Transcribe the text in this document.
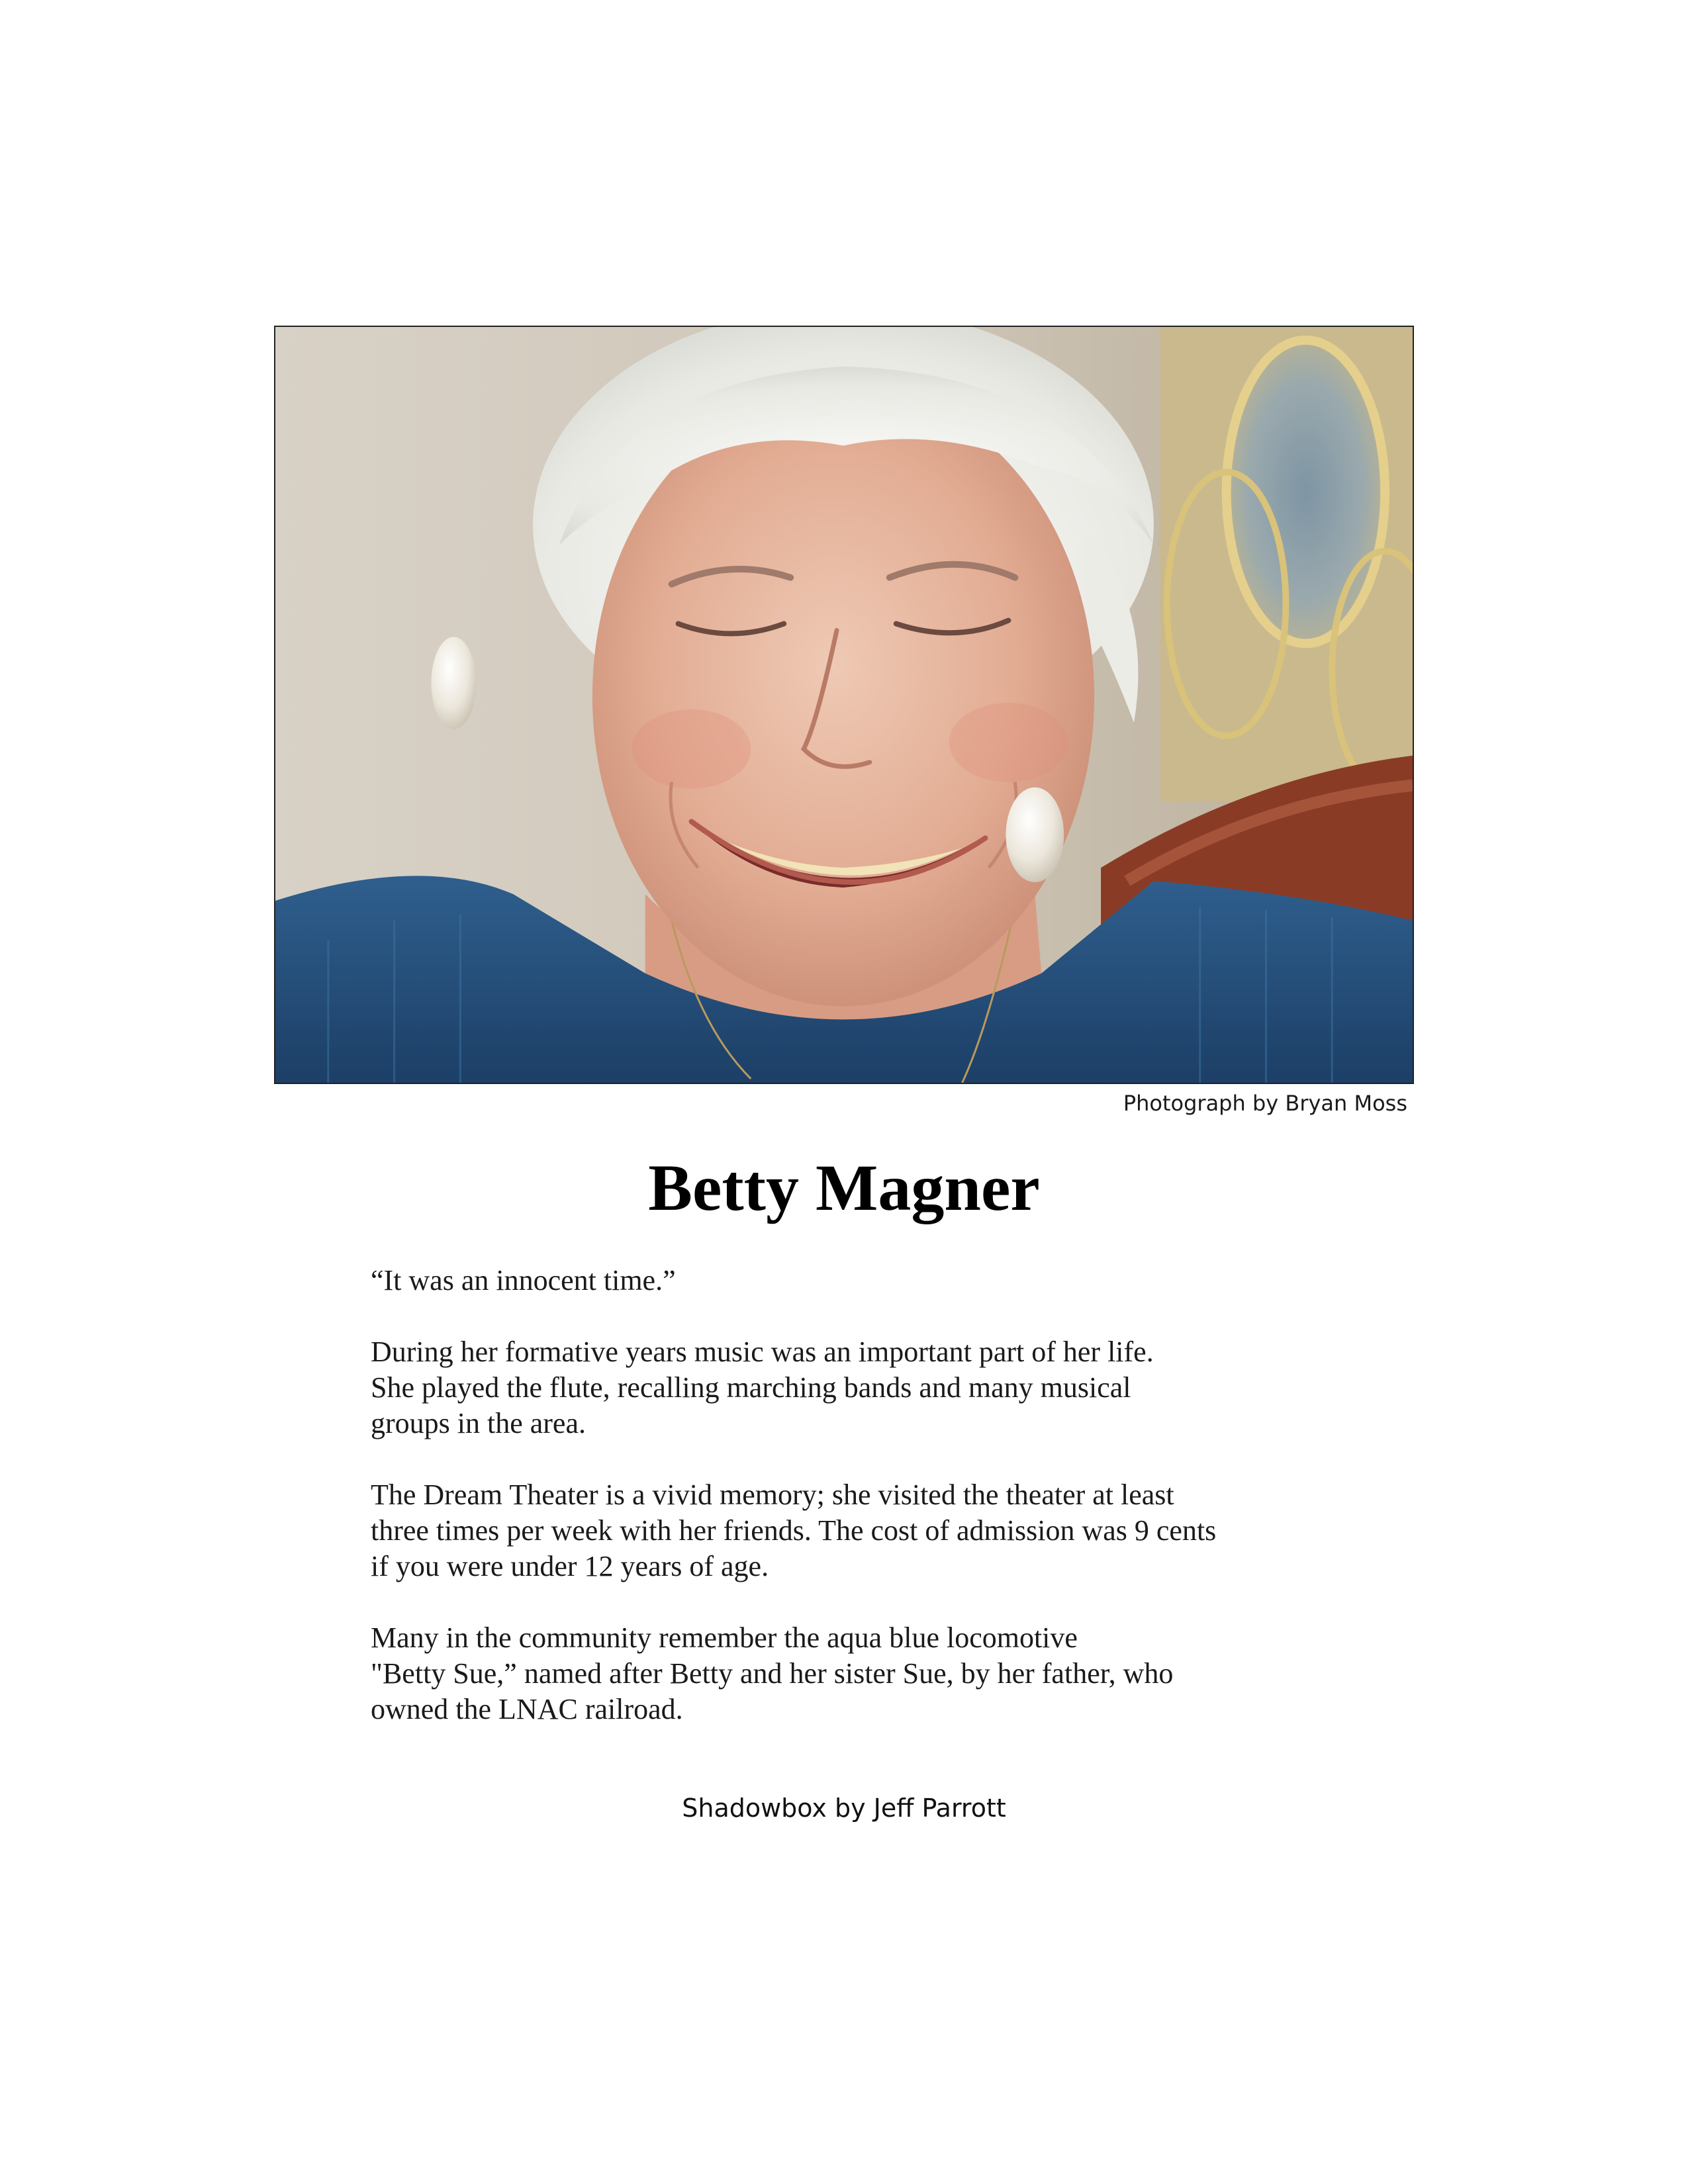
Photograph by Bryan Moss
Betty Magner

“It was an innocent time.”

During her formative years music was an important part of her life.
She played the flute, recalling marching bands and many musical
groups in the area.

The Dream Theater is a vivid memory; she visited the theater at least
three times per week with her friends. The cost of admission was 9 cents
if you were under 12 years of age.

Many in the community remember the aqua blue locomotive
"Betty Sue,” named after Betty and her sister Sue, by her father, who
owned the LNAC railroad.

Shadowbox by Jeff Parrott
